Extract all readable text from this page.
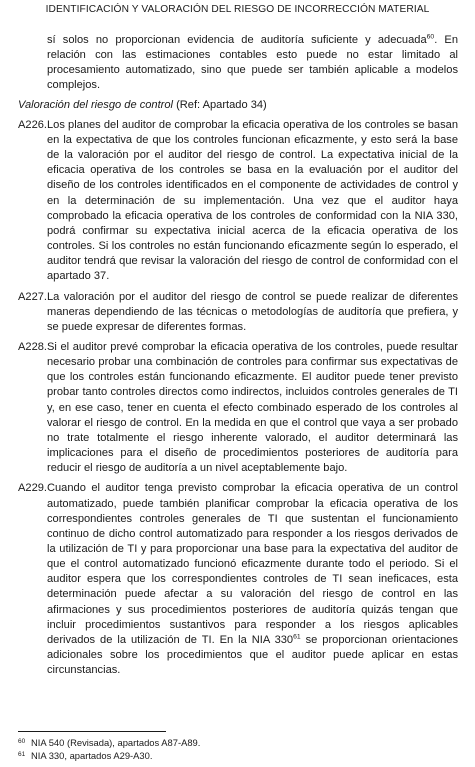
IDENTIFICACIÓN Y VALORACIÓN DEL RIESGO DE INCORRECCIÓN MATERIAL
sí solos no proporcionan evidencia de auditoría suficiente y adecuada$^{60}$. En relación con las estimaciones contables esto puede no estar limitado al procesamiento automatizado, sino que puede ser también aplicable a modelos complejos.
Valoración del riesgo de control (Ref: Apartado 34)
A226. Los planes del auditor de comprobar la eficacia operativa de los controles se basan en la expectativa de que los controles funcionan eficazmente, y esto será la base de la valoración por el auditor del riesgo de control. La expectativa inicial de la eficacia operativa de los controles se basa en la evaluación por el auditor del diseño de los controles identificados en el componente de actividades de control y en la determinación de su implementación. Una vez que el auditor haya comprobado la eficacia operativa de los controles de conformidad con la NIA 330, podrá confirmar su expectativa inicial acerca de la eficacia operativa de los controles. Si los controles no están funcionando eficazmente según lo esperado, el auditor tendrá que revisar la valoración del riesgo de control de conformidad con el apartado 37.
A227. La valoración por el auditor del riesgo de control se puede realizar de diferentes maneras dependiendo de las técnicas o metodologías de auditoría que prefiera, y se puede expresar de diferentes formas.
A228. Si el auditor prevé comprobar la eficacia operativa de los controles, puede resultar necesario probar una combinación de controles para confirmar sus expectativas de que los controles están funcionando eficazmente. El auditor puede tener previsto probar tanto controles directos como indirectos, incluidos controles generales de TI y, en ese caso, tener en cuenta el efecto combinado esperado de los controles al valorar el riesgo de control. En la medida en que el control que vaya a ser probado no trate totalmente el riesgo inherente valorado, el auditor determinará las implicaciones para el diseño de procedimientos posteriores de auditoría para reducir el riesgo de auditoría a un nivel aceptablemente bajo.
A229. Cuando el auditor tenga previsto comprobar la eficacia operativa de un control automatizado, puede también planificar comprobar la eficacia operativa de los correspondientes controles generales de TI que sustentan el funcionamiento continuo de dicho control automatizado para responder a los riesgos derivados de la utilización de TI y para proporcionar una base para la expectativa del auditor de que el control automatizado funcionó eficazmente durante todo el periodo. Si el auditor espera que los correspondientes controles de TI sean ineficaces, esta determinación puede afectar a su valoración del riesgo de control en las afirmaciones y sus procedimientos posteriores de auditoría quizás tengan que incluir procedimientos sustantivos para responder a los riesgos aplicables derivados de la utilización de TI. En la NIA $330^{61}$ se proporcionan orientaciones adicionales sobre los procedimientos que el auditor puede aplicar en estas circunstancias.
60 NIA 540 (Revisada), apartados A87-A89.
61 NIA 330, apartados A29-A30.
